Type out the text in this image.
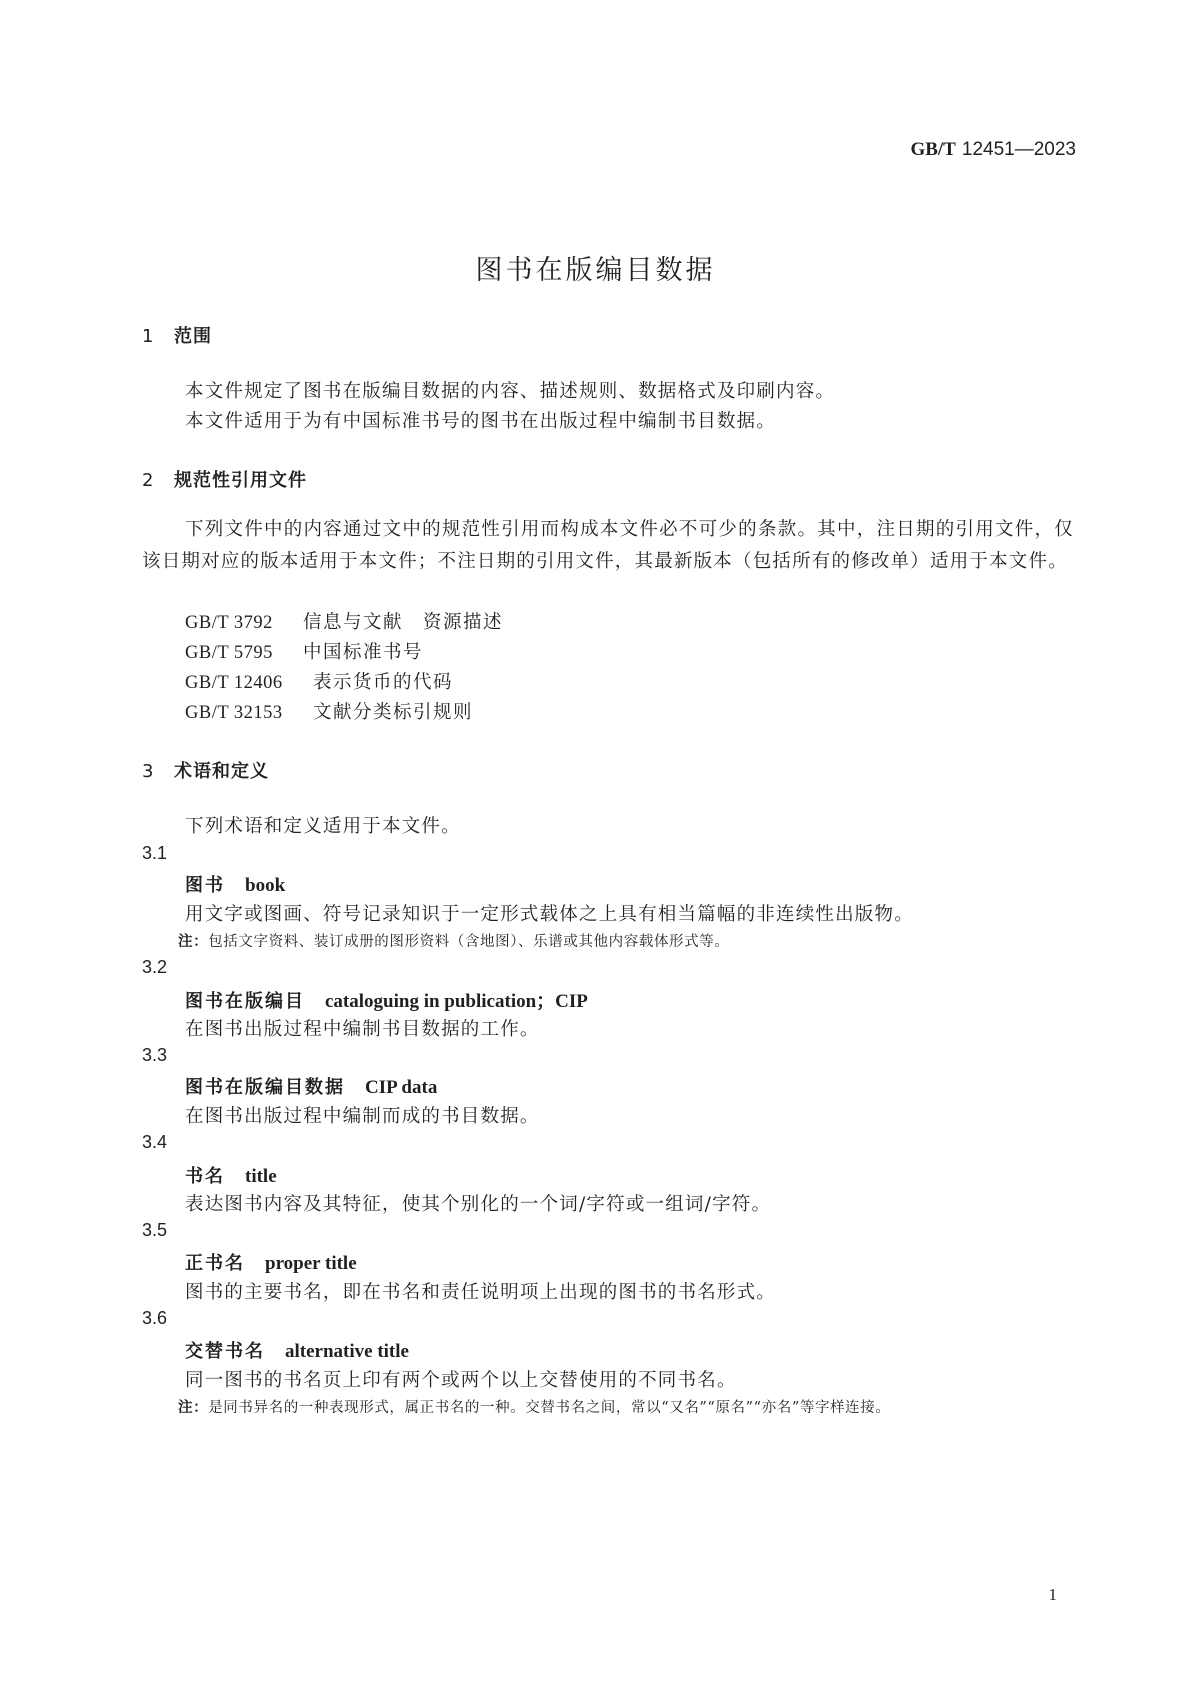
GB/T 12451—2023
图书在版编目数据
1 范围
本文件规定了图书在版编目数据的内容、描述规则、数据格式及印刷内容。
本文件适用于为有中国标准书号的图书在出版过程中编制书目数据。
2 规范性引用文件
下列文件中的内容通过文中的规范性引用而构成本文件必不可少的条款。其中，注日期的引用文件，仅该日期对应的版本适用于本文件；不注日期的引用文件，其最新版本（包括所有的修改单）适用于本文件。
GB/T 3792 信息与文献　资源描述
GB/T 5795 中国标准书号
GB/T 12406 表示货币的代码
GB/T 32153 文献分类标引规则
3 术语和定义
下列术语和定义适用于本文件。
3.1
图书 book
用文字或图画、符号记录知识于一定形式载体之上具有相当篇幅的非连续性出版物。
注：包括文字资料、装订成册的图形资料（含地图）、乐谱或其他内容载体形式等。
3.2
图书在版编目 cataloguing in publication；CIP
在图书出版过程中编制书目数据的工作。
3.3
图书在版编目数据 CIP data
在图书出版过程中编制而成的书目数据。
3.4
书名 title
表达图书内容及其特征，使其个别化的一个词/字符或一组词/字符。
3.5
正书名 proper title
图书的主要书名，即在书名和责任说明项上出现的图书的书名形式。
3.6
交替书名 alternative title
同一图书的书名页上印有两个或两个以上交替使用的不同书名。
注：是同书异名的一种表现形式，属正书名的一种。交替书名之间，常以“又名”“原名”“亦名”等字样连接。
1
